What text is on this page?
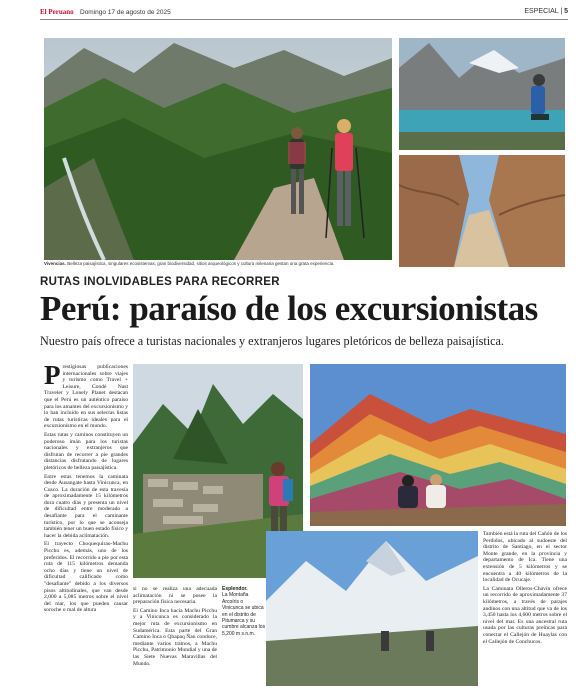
El Peruano Domingo 17 de agosto de 2025	ESPECIAL | 5
Vivencias. Belleza paisajística, singulares ecosistemas, gran biodiversidad, sitios arqueológicos y cultura milenaria gestan una grata experiencia.
RUTAS INOLVIDABLES PARA RECORRER
Perú: paraíso de los excursionistas
Nuestro país ofrece a turistas nacionales y extranjeros lugares pletóricos de belleza paisajística.

Prestigiosas publicaciones internacionales sobre viajes y turismo como Travel + Leisure, Condé Nast Traveler y Lonely Planet destacan que el Perú es un auténtico paraíso para los amantes del excursionismo y lo han incluido en sus selectas listas de rutas turísticas ideales para el excursionismo en el mundo.

Estas rutas y caminos constituyen un poderoso imán para los turistas nacionales y extranjeros que disfrutan de recorrer a pie grandes distancias disfrutando de lugares pletóricos de belleza paisajística.

Entre estas tenemos la caminata desde Ausangate hasta Vinicunca, en Cusco. La duración de esta travesía de aproximadamente 15 kilómetros dura cuatro días y presenta un nivel de dificultad entre moderado a desafiante para el caminante turístico, por lo que se aconseja también tener un buen estado físico y hacer la debida aclimatación.

El trayecto Choquequirao-Machu Picchu es, además, uno de los preferidos. El recorrido a pie por esta ruta de 115 kilómetros demanda ocho días y tiene un nivel de dificultad calificado como "desafiante" debido a los diversos pisos altitudinales, que van desde 2,000 a 5,085 metros sobre el nivel del mar, los que pueden causar soroche o mal de altura

si no se realiza una adecuada aclimatación ni se posee la preparación física necesaria.

El Camino Inca hacia Machu Picchu y a Vinicunca es considerado la mejor ruta de excursionismo en Sudamérica. Esta parte del Gran Camino Inca o Qhapaq Ñan conduce, mediante varios tramos, a Machu Picchu, Patrimonio Mundial y una de las Siete Nuevas Maravillas del Mundo.

Esplendor.
La Montaña Arcoíris o Vinicunca se ubica en el distrito de Pitumarca y su cumbre alcanza los 5,200 m s.n.m.

También está la ruta del Cañón de los Perdidos, ubicado al sudoeste del distrito de Santiago, en el sector Monte grande, en la provincia y departamento de Ica. Tiene una extensión de 5 kilómetros y se encuentra a 40 kilómetros de la localidad de Ocucaje.

La Caminata Olleros-Chavín ofrece un recorrido de aproximadamente 37 kilómetros, a través de parajes andinos con una altitud que va de los 3,450 hasta los 4,600 metros sobre el nivel del mar. Es una ancestral ruta usada por las culturas preíncas para conectar el Callejón de Huaylas con el Callejón de Conchucos.
